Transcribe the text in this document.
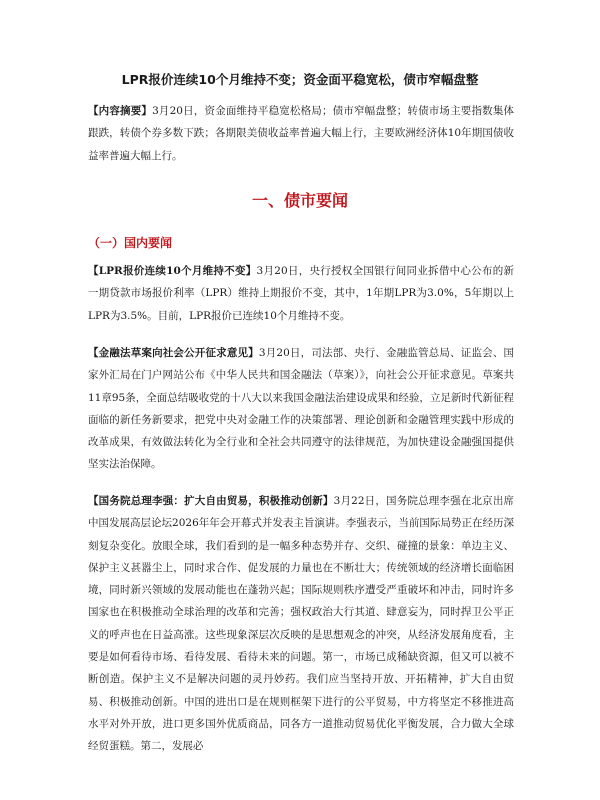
LPR报价连续10个月维持不变；资金面平稳宽松，债市窄幅盘整

【内容摘要】3月20日，资金面维持平稳宽松格局；债市窄幅盘整；转债市场主要指数集体跟跌，转债个券多数下跌；各期限美债收益率普遍大幅上行，主要欧洲经济体10年期国债收益率普遍大幅上行。

一、债市要闻
（一）国内要闻

【LPR报价连续10个月维持不变】3月20日，央行授权全国银行间同业拆借中心公布的新一期贷款市场报价利率（LPR）维持上期报价不变，其中，1年期LPR为3.0%，5年期以上LPR为3.5%。目前，LPR报价已连续10个月维持不变。

【金融法草案向社会公开征求意见】3月20日，司法部、央行、金融监管总局、证监会、国家外汇局在门户网站公布《中华人民共和国金融法（草案）》，向社会公开征求意见。草案共11章95条，全面总结吸收党的十八大以来我国金融法治建设成果和经验，立足新时代新征程面临的新任务新要求，把党中央对金融工作的决策部署、理论创新和金融管理实践中形成的改革成果，有效做法转化为全行业和全社会共同遵守的法律规范，为加快建设金融强国提供坚实法治保障。

【国务院总理李强：扩大自由贸易，积极推动创新】3月22日，国务院总理李强在北京出席中国发展高层论坛2026年年会开幕式并发表主旨演讲。李强表示，当前国际局势正在经历深刻复杂变化。放眼全球，我们看到的是一幅多种态势并存、交织、碰撞的景象：单边主义、保护主义甚嚣尘上，同时求合作、促发展的力量也在不断壮大；传统领域的经济增长面临困境，同时新兴领域的发展动能也在蓬勃兴起；国际规则秩序遭受严重破坏和冲击，同时许多国家也在积极推动全球治理的改革和完善；强权政治大行其道、肆意妄为，同时捍卫公平正义的呼声也在日益高涨。这些现象深层次反映的是思想观念的冲突，从经济发展角度看，主要是如何看待市场、看待发展、看待未来的问题。第一，市场已成稀缺资源，但又可以被不断创造。保护主义不是解决问题的灵丹妙药。我们应当坚持开放、开拓精神，扩大自由贸易、积极推动创新。中国的进出口是在规则框架下进行的公平贸易，中方将坚定不移推进高水平对外开放，进口更多国外优质商品，同各方一道推动贸易优化平衡发展，合力做大全球经贸蛋糕。第二，发展必
